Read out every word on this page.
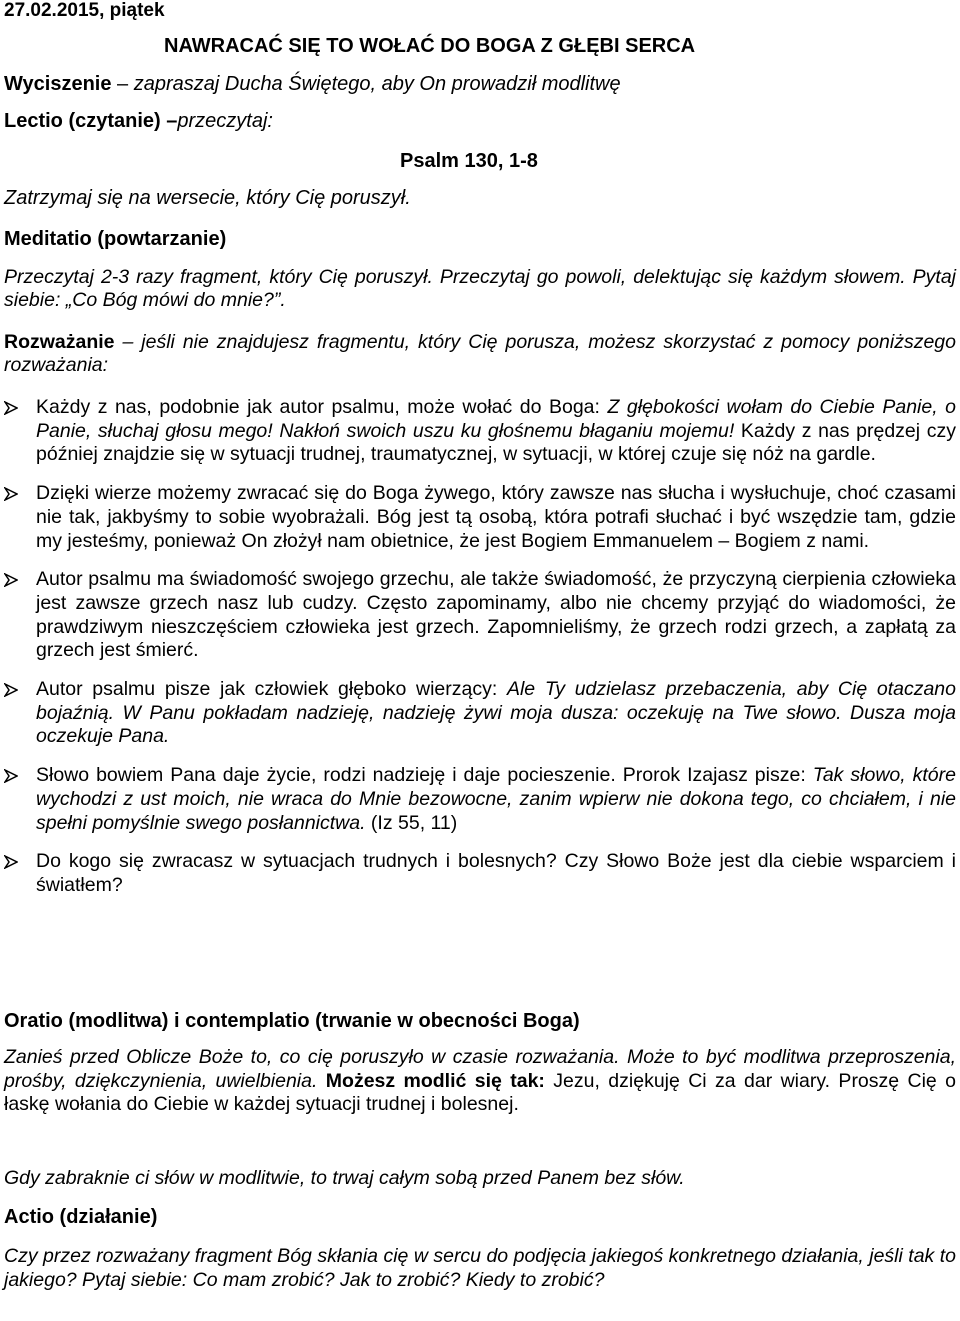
27.02.2015, piątek
NAWRACAĆ SIĘ TO WOŁAĆ DO BOGA Z GŁĘBI SERCA
Wyciszenie – zapraszaj Ducha Świętego, aby On prowadził modlitwę
Lectio (czytanie) –przeczytaj:
Psalm 130, 1-8
Zatrzymaj się na wersecie, który Cię poruszył.
Meditatio (powtarzanie)
Przeczytaj 2-3 razy fragment, który Cię poruszył. Przeczytaj go powoli, delektując się każdym słowem. Pytaj siebie: „Co Bóg mówi do mnie?”.
Rozważanie – jeśli nie znajdujesz fragmentu, który Cię porusza, możesz skorzystać z pomocy poniższego rozważania:
Każdy z nas, podobnie jak autor psalmu, może wołać do Boga: Z głębokości wołam do Ciebie Panie, o Panie, słuchaj głosu mego! Nakłoń swoich uszu ku głośnemu błaganiu mojemu! Każdy z nas prędzej czy później znajdzie się w sytuacji trudnej, traumatycznej, w sytuacji, w której czuje się nóż na gardle.
Dzięki wierze możemy zwracać się do Boga żywego, który zawsze nas słucha i wysłuchuje, choć czasami nie tak, jakbyśmy to sobie wyobrażali. Bóg jest tą osobą, która potrafi słuchać i być wszędzie tam, gdzie my jesteśmy, ponieważ On złożył nam obietnice, że jest Bogiem Emmanuelem – Bogiem z nami.
Autor psalmu ma świadomość swojego grzechu, ale także świadomość, że przyczyną cierpienia człowieka jest zawsze grzech nasz lub cudzy. Często zapominamy, albo nie chcemy przyjąć do wiadomości, że prawdziwym nieszczęściem człowieka jest grzech. Zapomnieliśmy, że grzech rodzi grzech, a zapłatą za grzech jest śmierć.
Autor psalmu pisze jak człowiek głęboko wierzący: Ale Ty udzielasz przebaczenia, aby Cię otaczano bojaźnią. W Panu pokładam nadzieję, nadzieję żywi moja dusza: oczekuję na Twe słowo. Dusza moja oczekuje Pana.
Słowo bowiem Pana daje życie, rodzi nadzieję i daje pocieszenie. Prorok Izajasz pisze: Tak słowo, które wychodzi z ust moich, nie wraca do Mnie bezowocne, zanim wpierw nie dokona tego, co chciałem, i nie spełni pomyślnie swego posłannictwa. (Iz 55, 11)
Do kogo się zwracasz w sytuacjach trudnych i bolesnych? Czy Słowo Boże jest dla ciebie wsparciem i światłem?
Oratio (modlitwa) i contemplatio (trwanie w obecności Boga)
Zanieś przed Oblicze Boże to, co cię poruszyło w czasie rozważania. Może to być modlitwa przeproszenia, prośby, dziękczynienia, uwielbienia. Możesz modlić się tak: Jezu, dziękuję Ci za dar wiary. Proszę Cię o łaskę wołania do Ciebie w każdej sytuacji trudnej i bolesnej.
Gdy zabraknie ci słów w modlitwie, to trwaj całym sobą przed Panem bez słów.
Actio (działanie)
Czy przez rozważany fragment Bóg skłania cię w sercu do podjęcia jakiegoś konkretnego działania, jeśli tak to jakiego? Pytaj siebie: Co mam zrobić? Jak to zrobić? Kiedy to zrobić?
